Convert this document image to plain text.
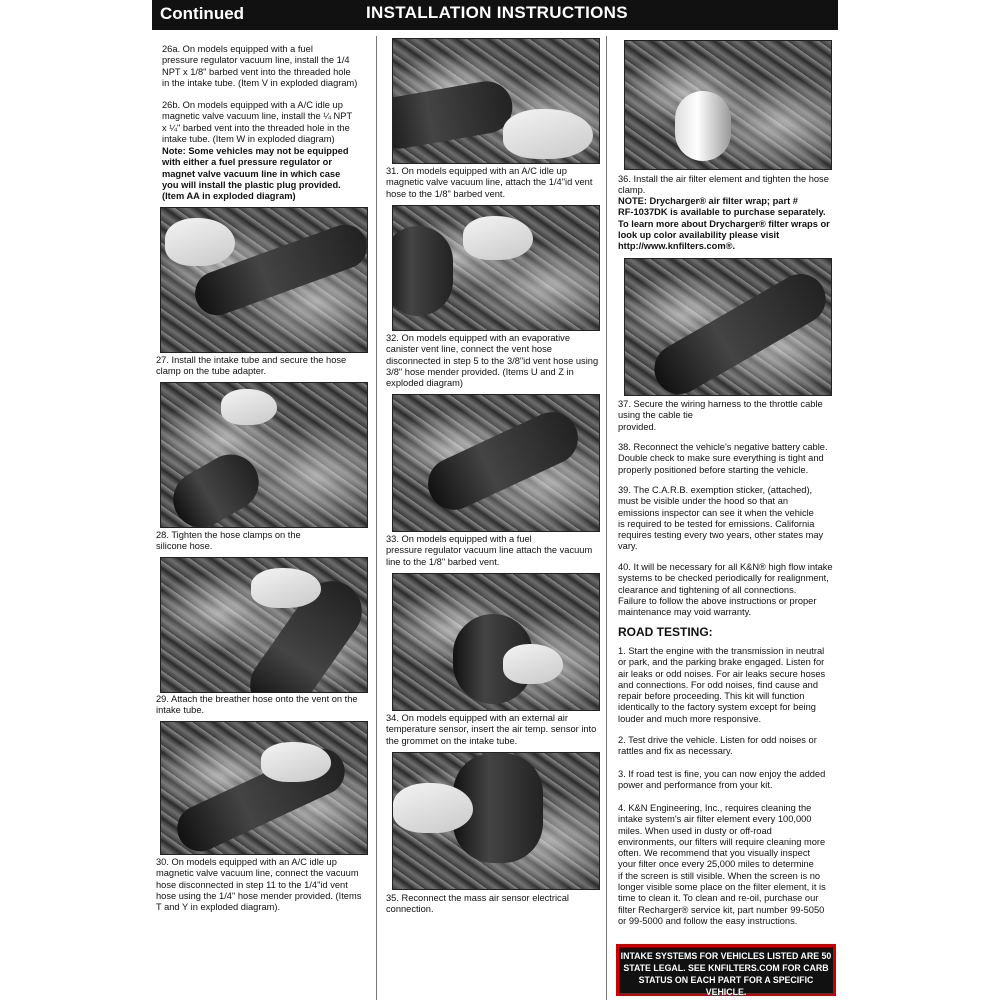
Continued	INSTALLATION INSTRUCTIONS
26a. On models equipped with a fuel
pressure regulator vacuum line, install the 1/4
NPT x 1/8" barbed vent into the threaded hole
in the intake tube. (Item V in exploded diagram)
26b. On models equipped with a A/C idle up
magnetic valve vacuum line, install the ¼ NPT
x ¼" barbed vent into the threaded hole in the
intake tube. (Item W in exploded diagram)
Note: Some vehicles may not be equipped
with either a fuel pressure regulator or
magnet valve vacuum line in which case
you will install the plastic plug provided.
(Item AA in exploded diagram)
27. Install the intake tube and secure the hose
clamp on the tube adapter.
28. Tighten the hose clamps on the
silicone hose.
29. Attach the breather hose onto the vent on the
intake tube.
30. On models equipped with an A/C idle up
magnetic valve vacuum line, connect the vacuum
hose disconnected in step 11 to the 1/4"id vent
hose using the 1/4" hose mender provided. (Items
T and Y in exploded diagram).
31. On models equipped with an A/C idle up
magnetic valve vacuum line, attach the 1/4"id vent
hose to the 1/8" barbed vent.
32. On models equipped with an evaporative
canister vent line, connect the vent hose
disconnected in step 5 to the 3/8"id vent hose using
3/8" hose mender provided. (Items U and Z in
exploded diagram)
33. On models equipped with a fuel
pressure regulator vacuum line attach the vacuum
line to the 1/8" barbed vent.
34. On models equipped with an external air
temperature sensor, insert the air temp. sensor into
the grommet on the intake tube.
35. Reconnect the mass air sensor electrical
connection.
36. Install the air filter element and tighten the hose
clamp.
NOTE: Drycharger® air filter wrap; part #
RF-1037DK is available to purchase separately.
To learn more about Drycharger® filter wraps or
look up color availability please visit
http://www.knfilters.com®.
37. Secure the wiring harness to the throttle cable
using the cable tie
provided.
38. Reconnect the vehicle's negative battery cable.
Double check to make sure everything is tight and
properly positioned before starting the vehicle.
39. The C.A.R.B. exemption sticker, (attached),
must be visible under the hood so that an
emissions inspector can see it when the vehicle
is required to be tested for emissions. California
requires testing every two years, other states may
vary.
40. It will be necessary for all K&N® high flow intake
systems to be checked periodically for realignment,
clearance and tightening of all connections.
Failure to follow the above instructions or proper
maintenance may void warranty.
ROAD TESTING:
1. Start the engine with the transmission in neutral
or park, and the parking brake engaged. Listen for
air leaks or odd noises. For air leaks secure hoses
and connections. For odd noises, find cause and
repair before proceeding. This kit will function
identically to the factory system except for being
louder and much more responsive.
2. Test drive the vehicle. Listen for odd noises or
rattles and fix as necessary.
3. If road test is fine, you can now enjoy the added
power and performance from your kit.
4. K&N Engineering, Inc., requires cleaning the
intake system's air filter element every 100,000
miles. When used in dusty or off-road
environments, our filters will require cleaning more
often. We recommend that you visually inspect
your filter once every 25,000 miles to determine
if the screen is still visible. When the screen is no
longer visible some place on the filter element, it is
time to clean it. To clean and re-oil, purchase our
filter Recharger® service kit, part number 99-5050
or 99-5000 and follow the easy instructions.
INTAKE SYSTEMS FOR VEHICLES LISTED ARE 50
STATE LEGAL. SEE KNFILTERS.COM FOR CARB
STATUS ON EACH PART FOR A SPECIFIC VEHICLE.
